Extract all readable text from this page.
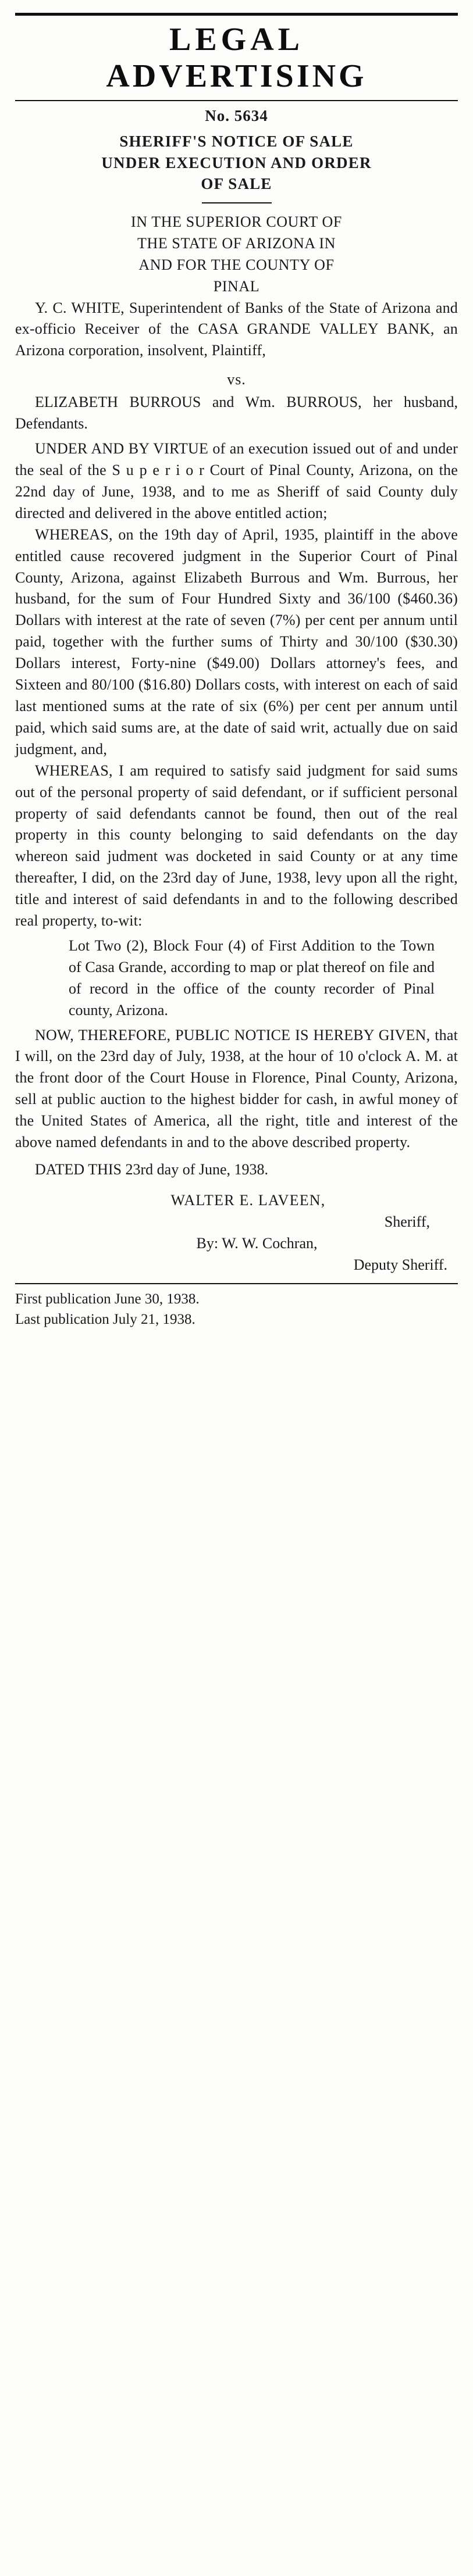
LEGAL
ADVERTISING
No. 5634
SHERIFF'S NOTICE OF SALE
UNDER EXECUTION AND ORDER
OF SALE
IN THE SUPERIOR COURT OF
THE STATE OF ARIZONA IN
AND FOR THE COUNTY OF
PINAL

Y. C. WHITE, Superintendent of Banks of the State of Arizona and ex-officio Receiver of the CASA GRANDE VALLEY BANK, an Arizona corporation, insolvent, Plaintiff,

vs.

ELIZABETH BURROUS and Wm. BURROUS, her husband, Defendants.

UNDER AND BY VIRTUE of an execution issued out of and under the seal of the S u p e r i o r Court of Pinal County, Arizona, on the 22nd day of June, 1938, and to me as Sheriff of said County duly directed and delivered in the above entitled action;

WHEREAS, on the 19th day of April, 1935, plaintiff in the above entitled cause recovered judgment in the Superior Court of Pinal County, Arizona, against Elizabeth Burrous and Wm. Burrous, her husband, for the sum of Four Hundred Sixty and 36/100 ($460.36) Dollars with interest at the rate of seven (7%) per cent per annum until paid, together with the further sums of Thirty and 30/100 ($30.30) Dollars interest, Forty-nine ($49.00) Dollars attorney's fees, and Sixteen and 80/100 ($16.80) Dollars costs, with interest on each of said last mentioned sums at the rate of six (6%) per cent per annum until paid, which said sums are, at the date of said writ, actually due on said judgment, and,

WHEREAS, I am required to satisfy said judgment for said sums out of the personal property of said defendant, or if sufficient personal property of said defendants cannot be found, then out of the real property in this county belonging to said defendants on the day whereon said judment was docketed in said County or at any time thereafter, I did, on the 23rd day of June, 1938, levy upon all the right, title and interest of said defendants in and to the following described real property, to-wit:

Lot Two (2), Block Four (4) of First Addition to the Town of Casa Grande, according to map or plat thereof on file and of record in the office of the county recorder of Pinal county, Arizona.

NOW, THEREFORE, PUBLIC NOTICE IS HEREBY GIVEN, that I will, on the 23rd day of July, 1938, at the hour of 10 o'clock A. M. at the front door of the Court House in Florence, Pinal County, Arizona, sell at public auction to the highest bidder for cash, in awful money of the United States of America, all the right, title and interest of the above named defendants in and to the above described property.

DATED THIS 23rd day of June, 1938.

WALTER E. LAVEEN,
Sheriff,
By: W. W. Cochran,
Deputy Sheriff.
First publication June 30, 1938.
Last publication July 21, 1938.
